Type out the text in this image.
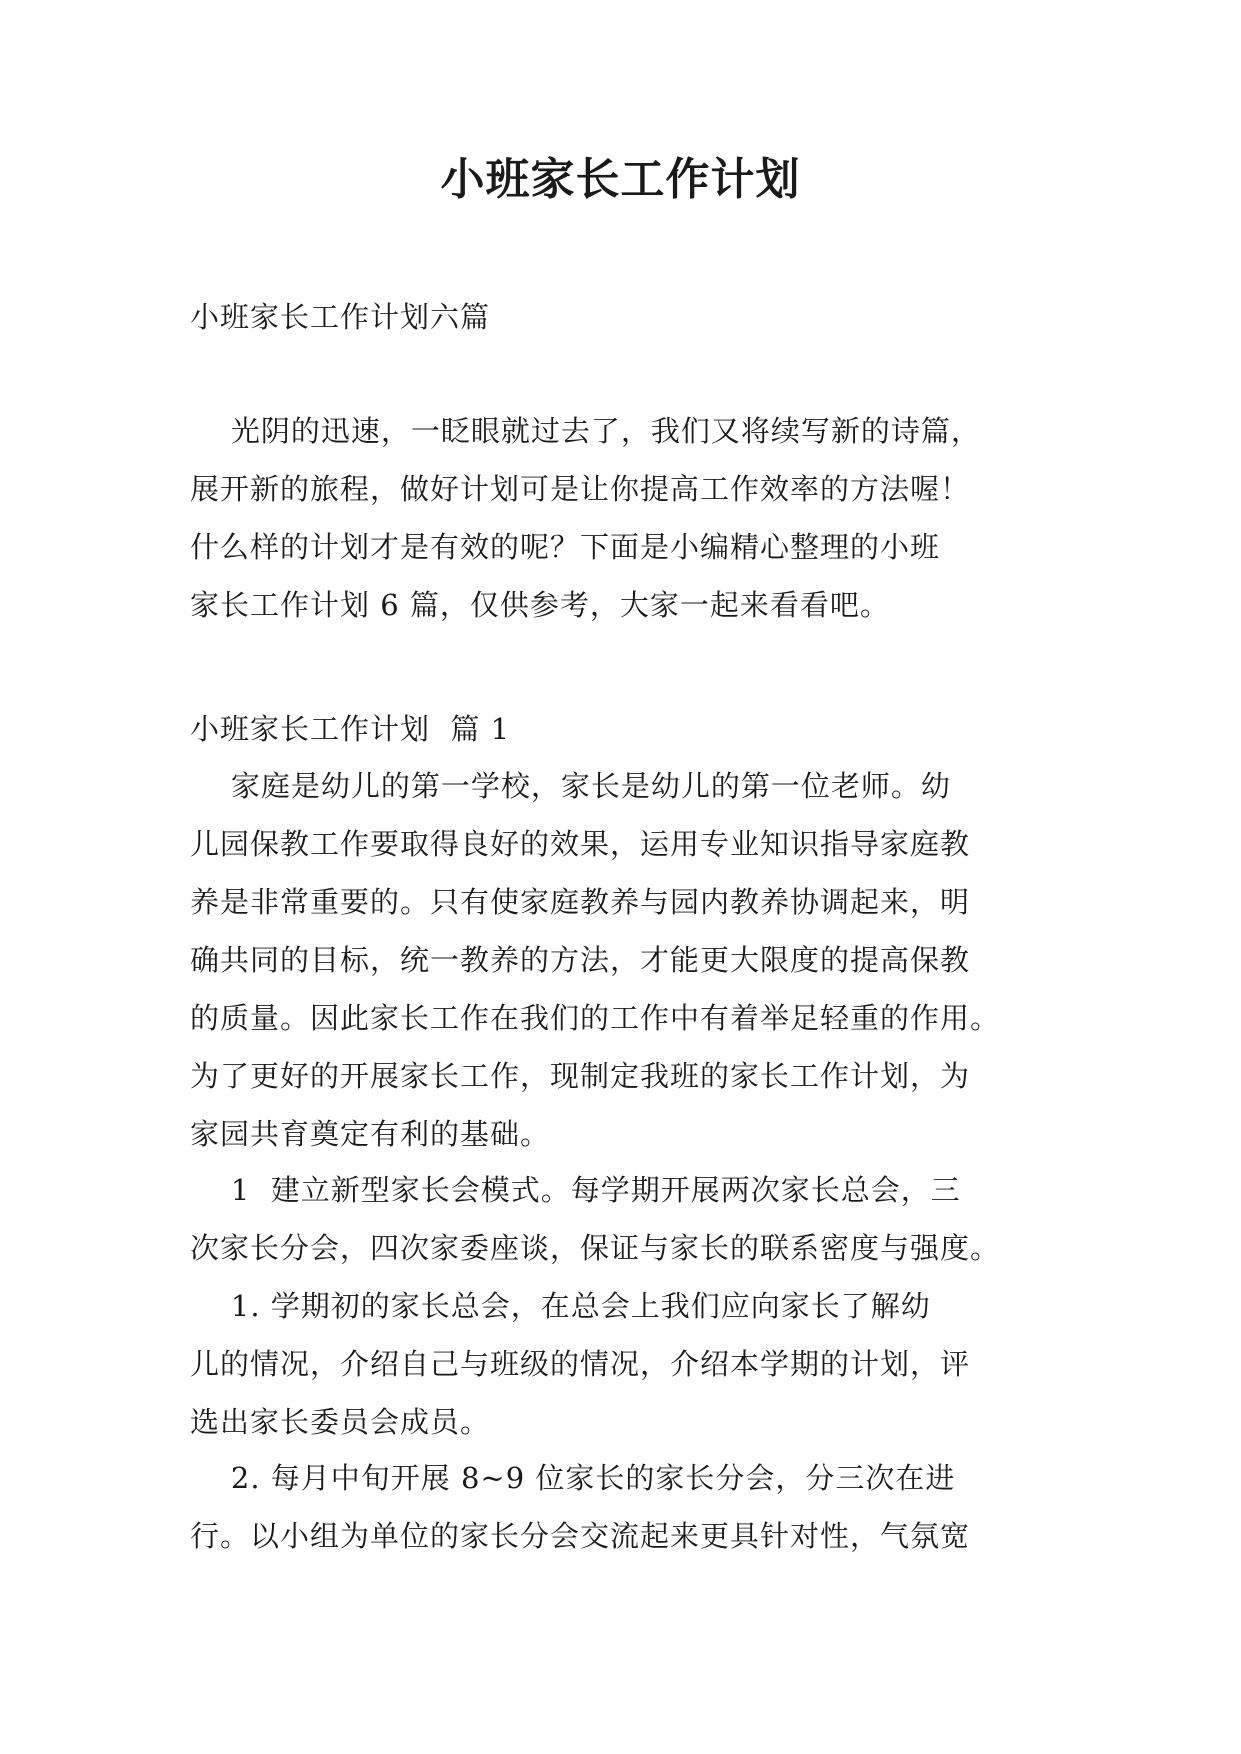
小班家长工作计划

小班家长工作计划六篇

光阴的迅速，一眨眼就过去了，我们又将续写新的诗篇，
展开新的旅程，做好计划可是让你提高工作效率的方法喔！
什么样的计划才是有效的呢？下面是小编精心整理的小班
家长工作计划 6 篇，仅供参考，大家一起来看看吧。

小班家长工作计划  篇 1

家庭是幼儿的第一学校，家长是幼儿的第一位老师。幼
儿园保教工作要取得良好的效果，运用专业知识指导家庭教
养是非常重要的。只有使家庭教养与园内教养协调起来，明
确共同的目标，统一教养的方法，才能更大限度的提高保教
的质量。因此家长工作在我们的工作中有着举足轻重的作用。
为了更好的开展家长工作，现制定我班的家长工作计划，为
家园共育奠定有利的基础。

1  建立新型家长会模式。每学期开展两次家长总会，三
次家长分会，四次家委座谈，保证与家长的联系密度与强度。

1. 学期初的家长总会，在总会上我们应向家长了解幼
儿的情况，介绍自己与班级的情况，介绍本学期的计划，评
选出家长委员会成员。

2. 每月中旬开展 8~9 位家长的家长分会，分三次在进
行。以小组为单位的家长分会交流起来更具针对性，气氛宽
